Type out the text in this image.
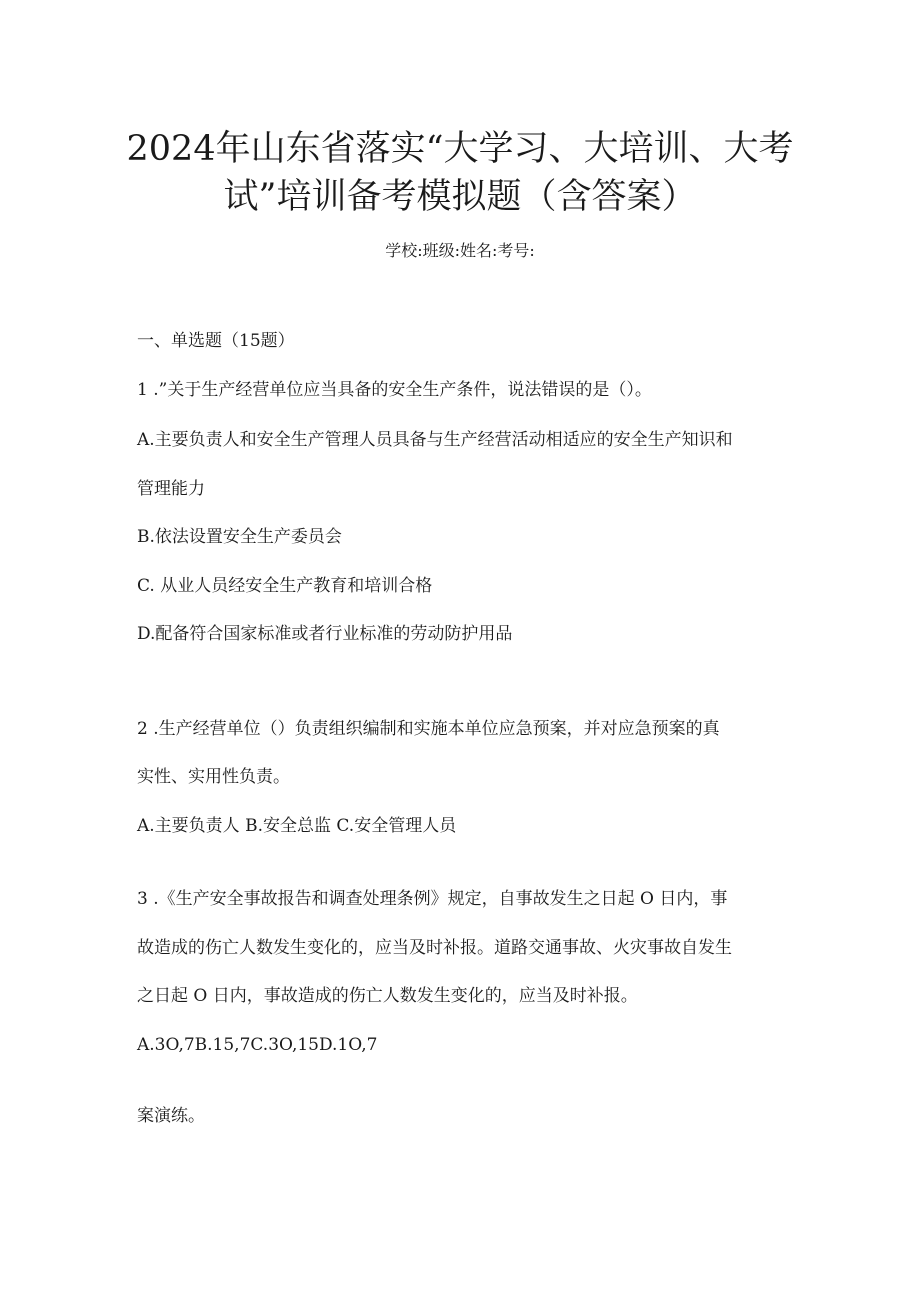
2024年山东省落实“大学习、大培训、大考
试”培训备考模拟题（含答案）
学校:班级:姓名:考号:
一、单选题（15题）
1 .”关于生产经营单位应当具备的安全生产条件，说法错误的是（）。
A.主要负责人和安全生产管理人员具备与生产经营活动相适应的安全生产知识和
管理能力
B.依法设置安全生产委员会
C. 从业人员经安全生产教育和培训合格
D.配备符合国家标准或者行业标准的劳动防护用品
2 .生产经营单位（）负责组织编制和实施本单位应急预案，并对应急预案的真
实性、实用性负责。
A.主要负责人 B.安全总监 C.安全管理人员
3 .《生产安全事故报告和调查处理条例》规定，自事故发生之日起 O 日内，事
故造成的伤亡人数发生变化的，应当及时补报。道路交通事故、火灾事故自发生
之日起 O 日内，事故造成的伤亡人数发生变化的，应当及时补报。
A.3O,7B.15,7C.3O,15D.1O,7
案演练。
